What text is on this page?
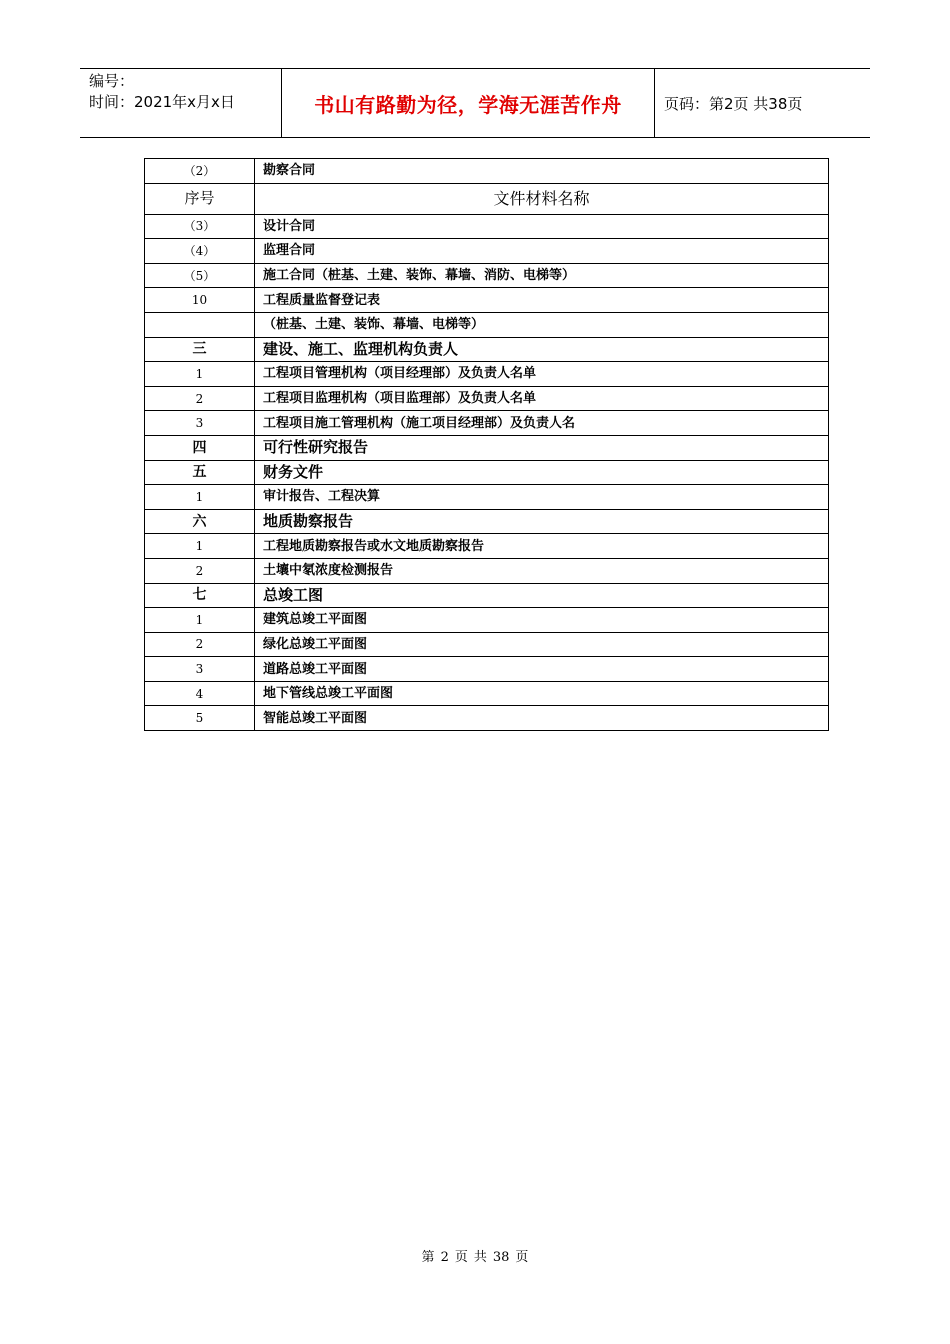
编号：
时间：2021年x月x日	书山有路勤为径，学海无涯苦作舟	页码：第2页 共38页
（2）	勘察合同
序号	文件材料名称
（3）	设计合同
（4）	监理合同
（5）	施工合同（桩基、土建、装饰、幕墙、消防、电梯等）
10	工程质量监督登记表
	（桩基、土建、装饰、幕墙、电梯等）
三	建设、施工、监理机构负责人
1	工程项目管理机构（项目经理部）及负责人名单
2	工程项目监理机构（项目监理部）及负责人名单
3	工程项目施工管理机构（施工项目经理部）及负责人名
四	可行性研究报告
五	财务文件
1	审计报告、工程决算
六	地质勘察报告
1	工程地质勘察报告或水文地质勘察报告
2	土壤中氡浓度检测报告
七	总竣工图
1	建筑总竣工平面图
2	绿化总竣工平面图
3	道路总竣工平面图
4	地下管线总竣工平面图
5	智能总竣工平面图
第 2 页 共 38 页
